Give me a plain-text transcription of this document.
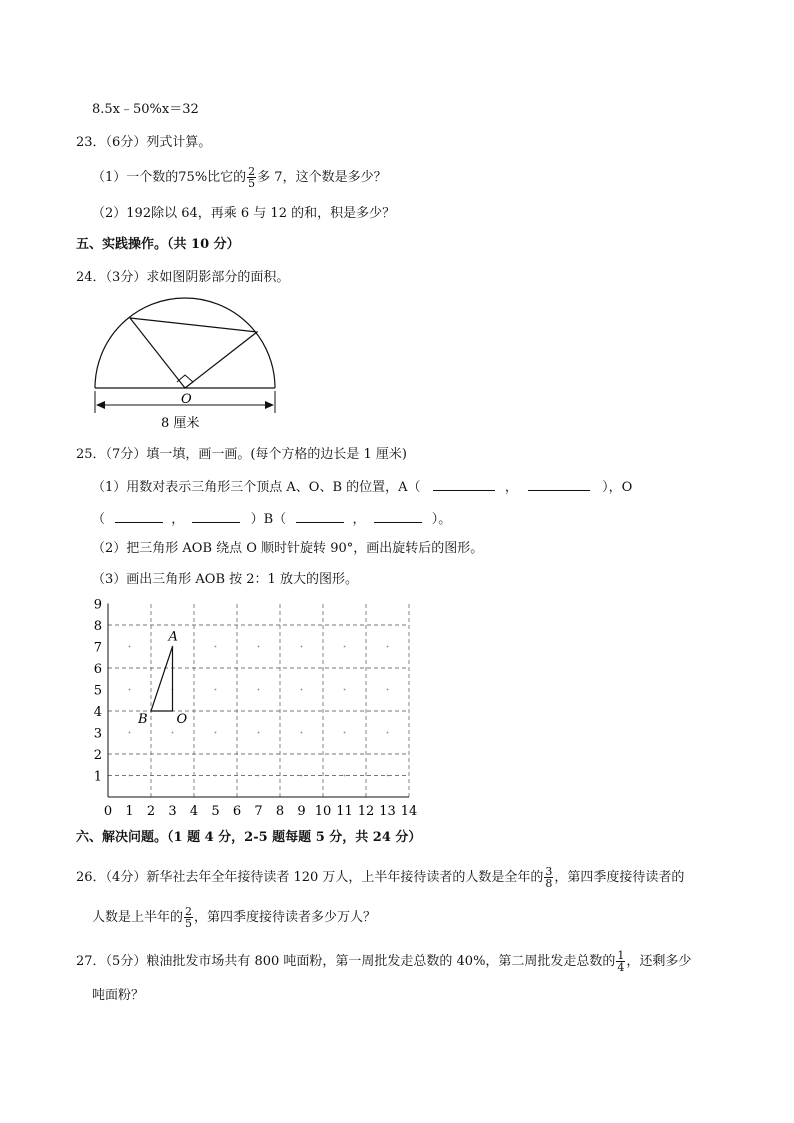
8.5x﹣50%x＝32
23．（6分）列式计算。
（1）一个数的75%比它的 $\frac{2}{5}$ 多 7，这个数是多少？
（2）192除以 64，再乘 6 与 12 的和，积是多少？
五、实践操作。（共 10 分）
24．（3分）求如图阴影部分的面积。
O
8 厘米
25．（7分）填一填，画一画。(每个方格的边长是 1 厘米)
（1）用数对表示三角形三个顶点 A、O、B 的位置，A（	，	），O
（	，	）B（	，	）。
（2）把三角形 AOB 绕点 O 顺时针旋转 90°，画出旋转后的图形。
（3）画出三角形 AOB 按 2：1 放大的图形。
0 1 2 3 4 5 6 7 8 9 10 11 12 13 14
1
2
3
4
5
6
7
8
9
A
O
B
六、解决问题。（1 题 4 分，2-5 题每题 5 分，共 24 分）
26．（4分）新华社去年全年接待读者 120 万人，上半年接待读者的人数是全年的 $\frac{3}{8}$ ，第四季度接待读者的
人数是上半年的 $\frac{2}{5}$ ，第四季度接待读者多少万人？
27．（5分）粮油批发市场共有 800 吨面粉，第一周批发走总数的 40%，第二周批发走总数的 $\frac{1}{4}$ ，还剩多少
吨面粉？
